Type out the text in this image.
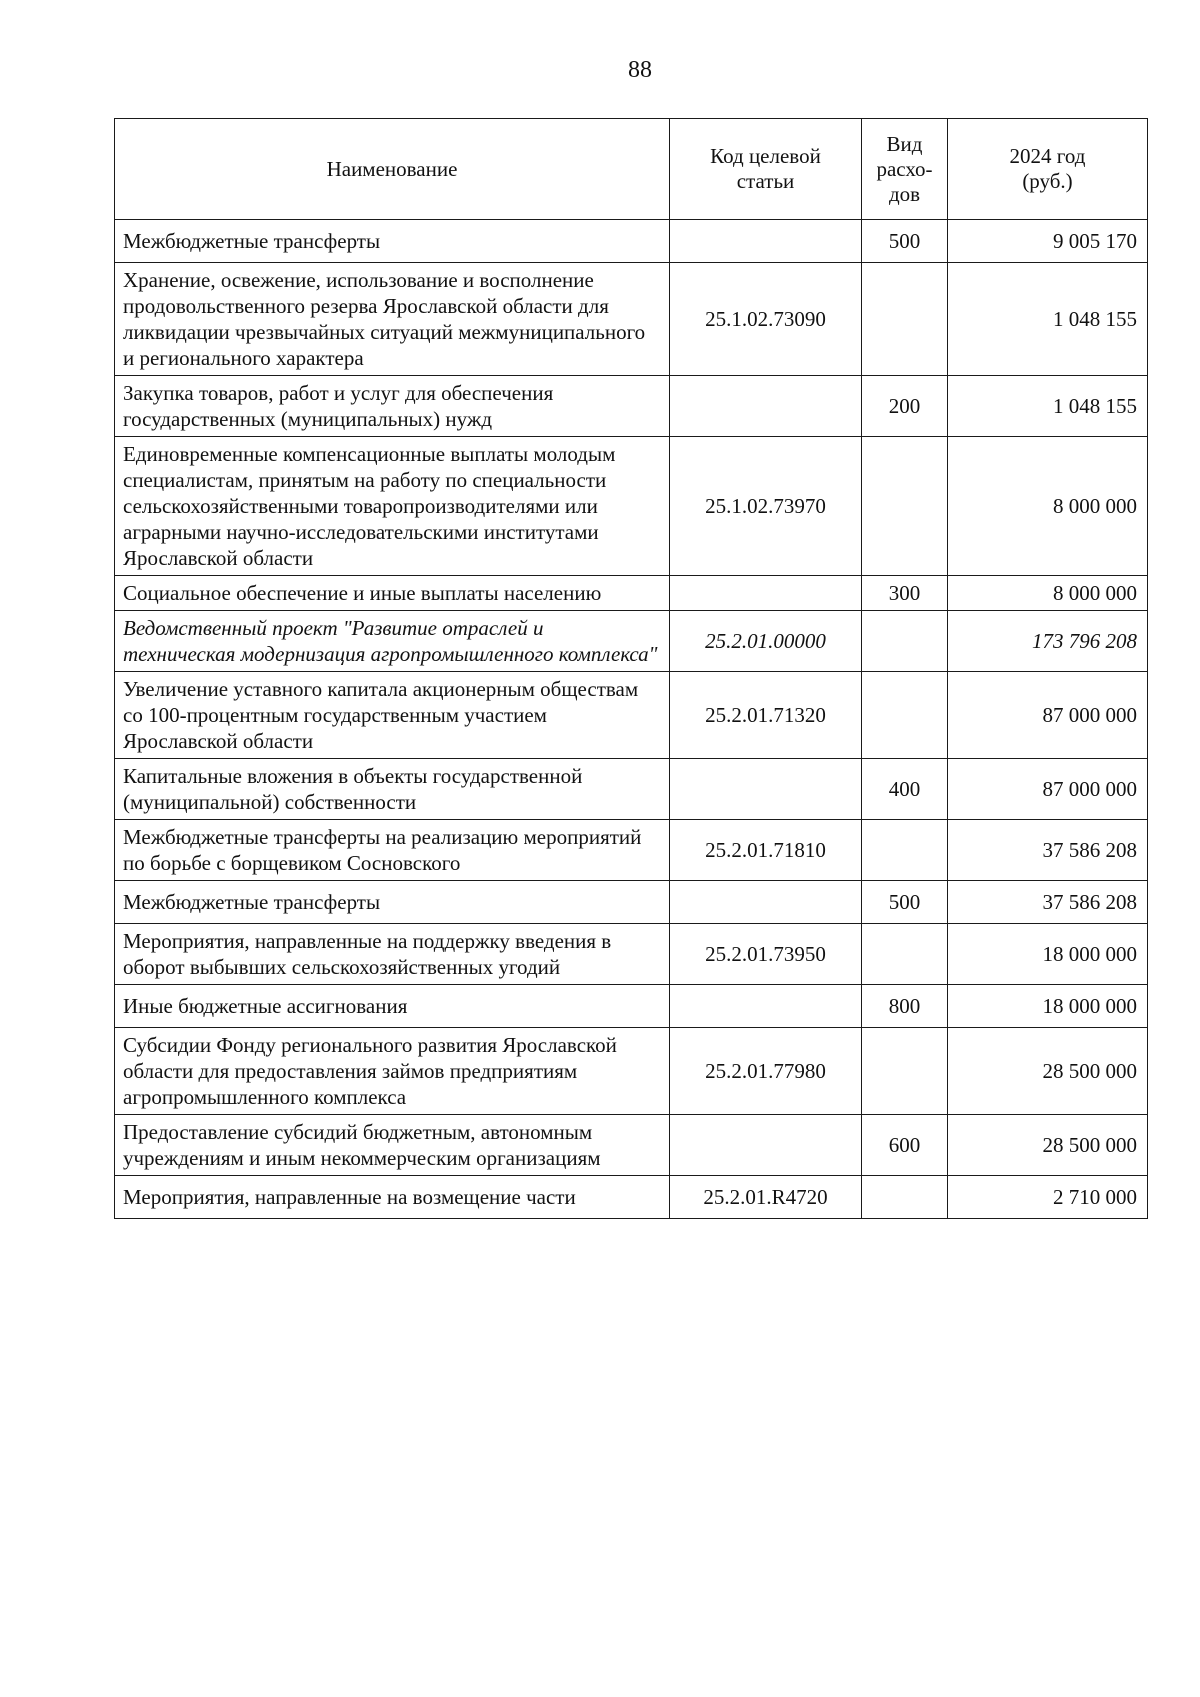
88
Наименование	Код целевой статьи	Вид расхо-дов	2024 год (руб.)
Межбюджетные трансферты		500	9 005 170
Хранение, освежение, использование и восполнение продовольственного резерва Ярославской области для ликвидации чрезвычайных ситуаций межмуниципального и регионального характера	25.1.02.73090		1 048 155
Закупка товаров, работ и услуг для обеспечения государственных (муниципальных) нужд		200	1 048 155
Единовременные компенсационные выплаты молодым специалистам, принятым на работу по специальности сельскохозяйственными товаропроизводителями или аграрными научно-исследовательскими институтами Ярославской области	25.1.02.73970		8 000 000
Социальное обеспечение и иные выплаты населению		300	8 000 000
Ведомственный проект "Развитие отраслей и техническая модернизация агропромышленного комплекса"	25.2.01.00000		173 796 208
Увеличение уставного капитала акционерным обществам со 100-процентным государственным участием Ярославской области	25.2.01.71320		87 000 000
Капитальные вложения в объекты государственной (муниципальной) собственности		400	87 000 000
Межбюджетные трансферты на реализацию мероприятий по борьбе с борщевиком Сосновского	25.2.01.71810		37 586 208
Межбюджетные трансферты		500	37 586 208
Мероприятия, направленные на поддержку введения в оборот выбывших сельскохозяйственных угодий	25.2.01.73950		18 000 000
Иные бюджетные ассигнования		800	18 000 000
Субсидии Фонду регионального развития Ярославской области для предоставления займов предприятиям агропромышленного комплекса	25.2.01.77980		28 500 000
Предоставление субсидий бюджетным, автономным учреждениям и иным некоммерческим организациям		600	28 500 000
Мероприятия, направленные на возмещение части	25.2.01.R4720		2 710 000
